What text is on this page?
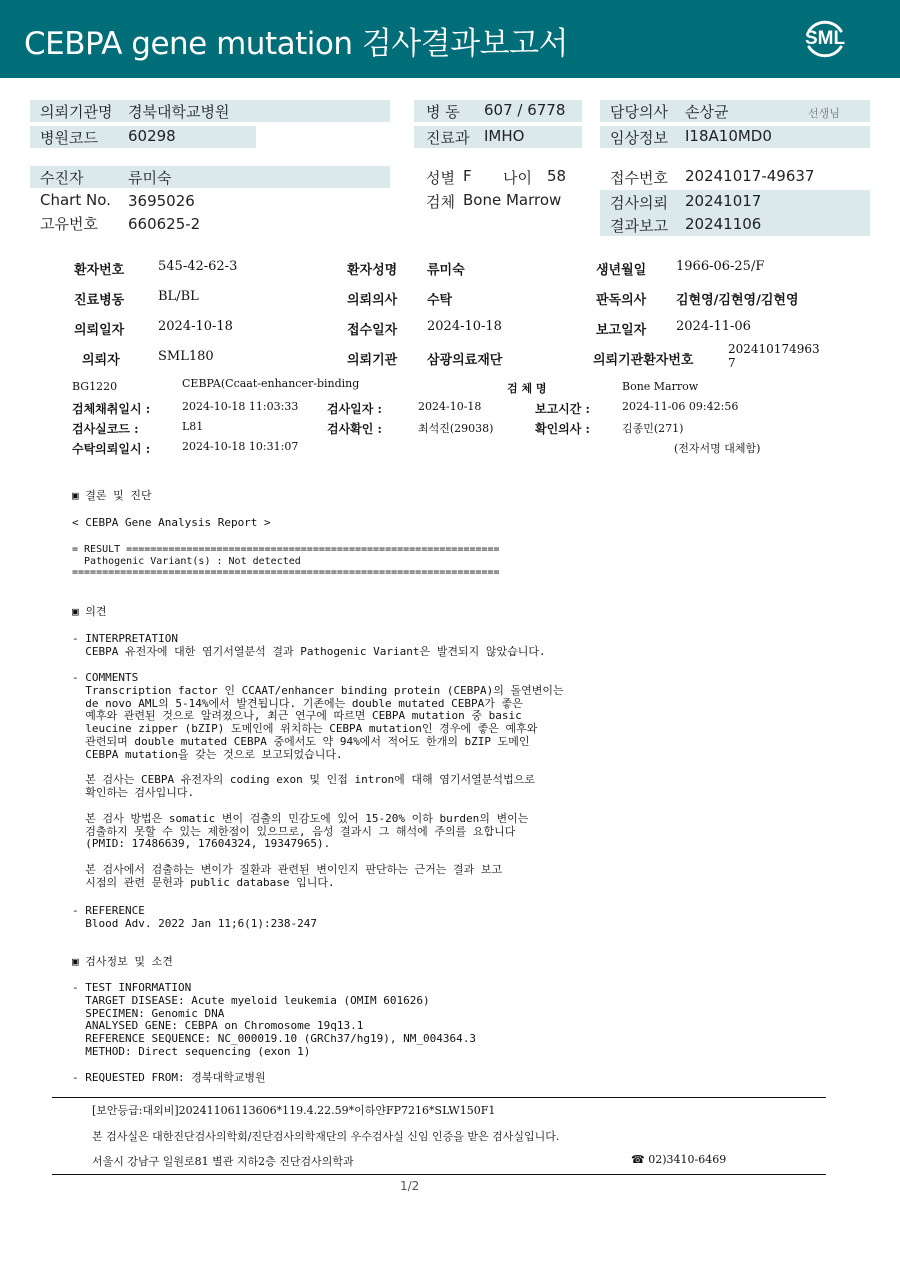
CEBPA gene mutation 검사결과보고서	SML
의뢰기관명 경북대학교병원	병 동 607 / 6778	담당의사 손상균	선생님
병원코드 60298	진료과 IMHO	임상정보 I18A10MD0
수진자	류미숙	성별 F 나이 58	접수번호 20241017-49637
Chart No. 3695026	검체 Bone Marrow	검사의뢰 20241017
고유번호 660625-2	결과보고 20241106
환자번호	545-42-62-3	환자성명 류미숙	생년월일 1966-06-25/F
진료병동	BL/BL	의뢰의사 수탁	판독의사 김현영/김현영/김현영
의뢰일자	2024-10-18	접수일자 2024-10-18	보고일자 2024-11-06
의뢰자	SML180	의뢰기관 삼광의료재단	의뢰기관환자번호
202410174963
7
BG1220	CEBPA(Ccaat-enhancer-binding	검 체 명	Bone Marrow
검체채취일시 :	2024-10-18 11:03:33 검사일자 :	2024-10-18	보고시간 :	2024-11-06 09:42:56
검사실코드 :	L81	검사확인 :	최석진(29038)	확인의사 :	김종민(271)
수탁의뢰일시 :	2024-10-18 10:31:07	(전자서명 대체함)
▣ 결론 및 진단
< CEBPA Gene Analysis Report >
= RESULT ==============================================================
Pathogenic Variant(s) : Not detected
=======================================================================
▣ 의견
- INTERPRETATION
CEBPA 유전자에 대한 염기서열분석 결과 Pathogenic Variant은 발견되지 않았습니다.
- COMMENTS
Transcription factor 인 CCAAT/enhancer binding protein (CEBPA)의 돌연변이는
de novo AML의 5-14%에서 발견됩니다. 기존에는 double mutated CEBPA가 좋은
예후와 관련된 것으로 알려졌으나, 최근 연구에 따르면 CEBPA mutation 중 basic
leucine zipper (bZIP) 도메인에 위치하는 CEBPA mutation인 경우에 좋은 예후와
관련되며 double mutated CEBPA 중에서도 약 94%에서 적어도 한개의 bZIP 도메인
CEBPA mutation을 갖는 것으로 보고되었습니다.

본 검사는 CEBPA 유전자의 coding exon 및 인접 intron에 대해 염기서열분석법으로
확인하는 검사입니다.

본 검사 방법은 somatic 변이 검출의 민감도에 있어 15-20% 이하 burden의 변이는
검출하지 못할 수 있는 제한점이 있으므로, 음성 결과시 그 해석에 주의를 요합니다
(PMID: 17486639, 17604324, 19347965).

본 검사에서 검출하는 변이가 질환과 관련된 변이인지 판단하는 근거는 결과 보고
시점의 관련 문헌과 public database 입니다.
- REFERENCE
Blood Adv. 2022 Jan 11;6(1):238-247
▣ 검사정보 및 소견
- TEST INFORMATION
TARGET DISEASE: Acute myeloid leukemia (OMIM 601626)
SPECIMEN: Genomic DNA
ANALYSED GENE: CEBPA on Chromosome 19q13.1
REFERENCE SEQUENCE: NC_000019.10 (GRCh37/hg19), NM_004364.3
METHOD: Direct sequencing (exon 1)
- REQUESTED FROM: 경북대학교병원
[보안등급:대외비]20241106113606*119.4.22.59*이하얀FP7216*SLW150F1
본 검사실은 대한진단검사의학회/진단검사의학재단의 우수검사실 신임 인증을 받은 검사실입니다.
서울시 강남구 일원로81 별관 지하2층 진단검사의학과	☎ 02)3410-6469
1/2
